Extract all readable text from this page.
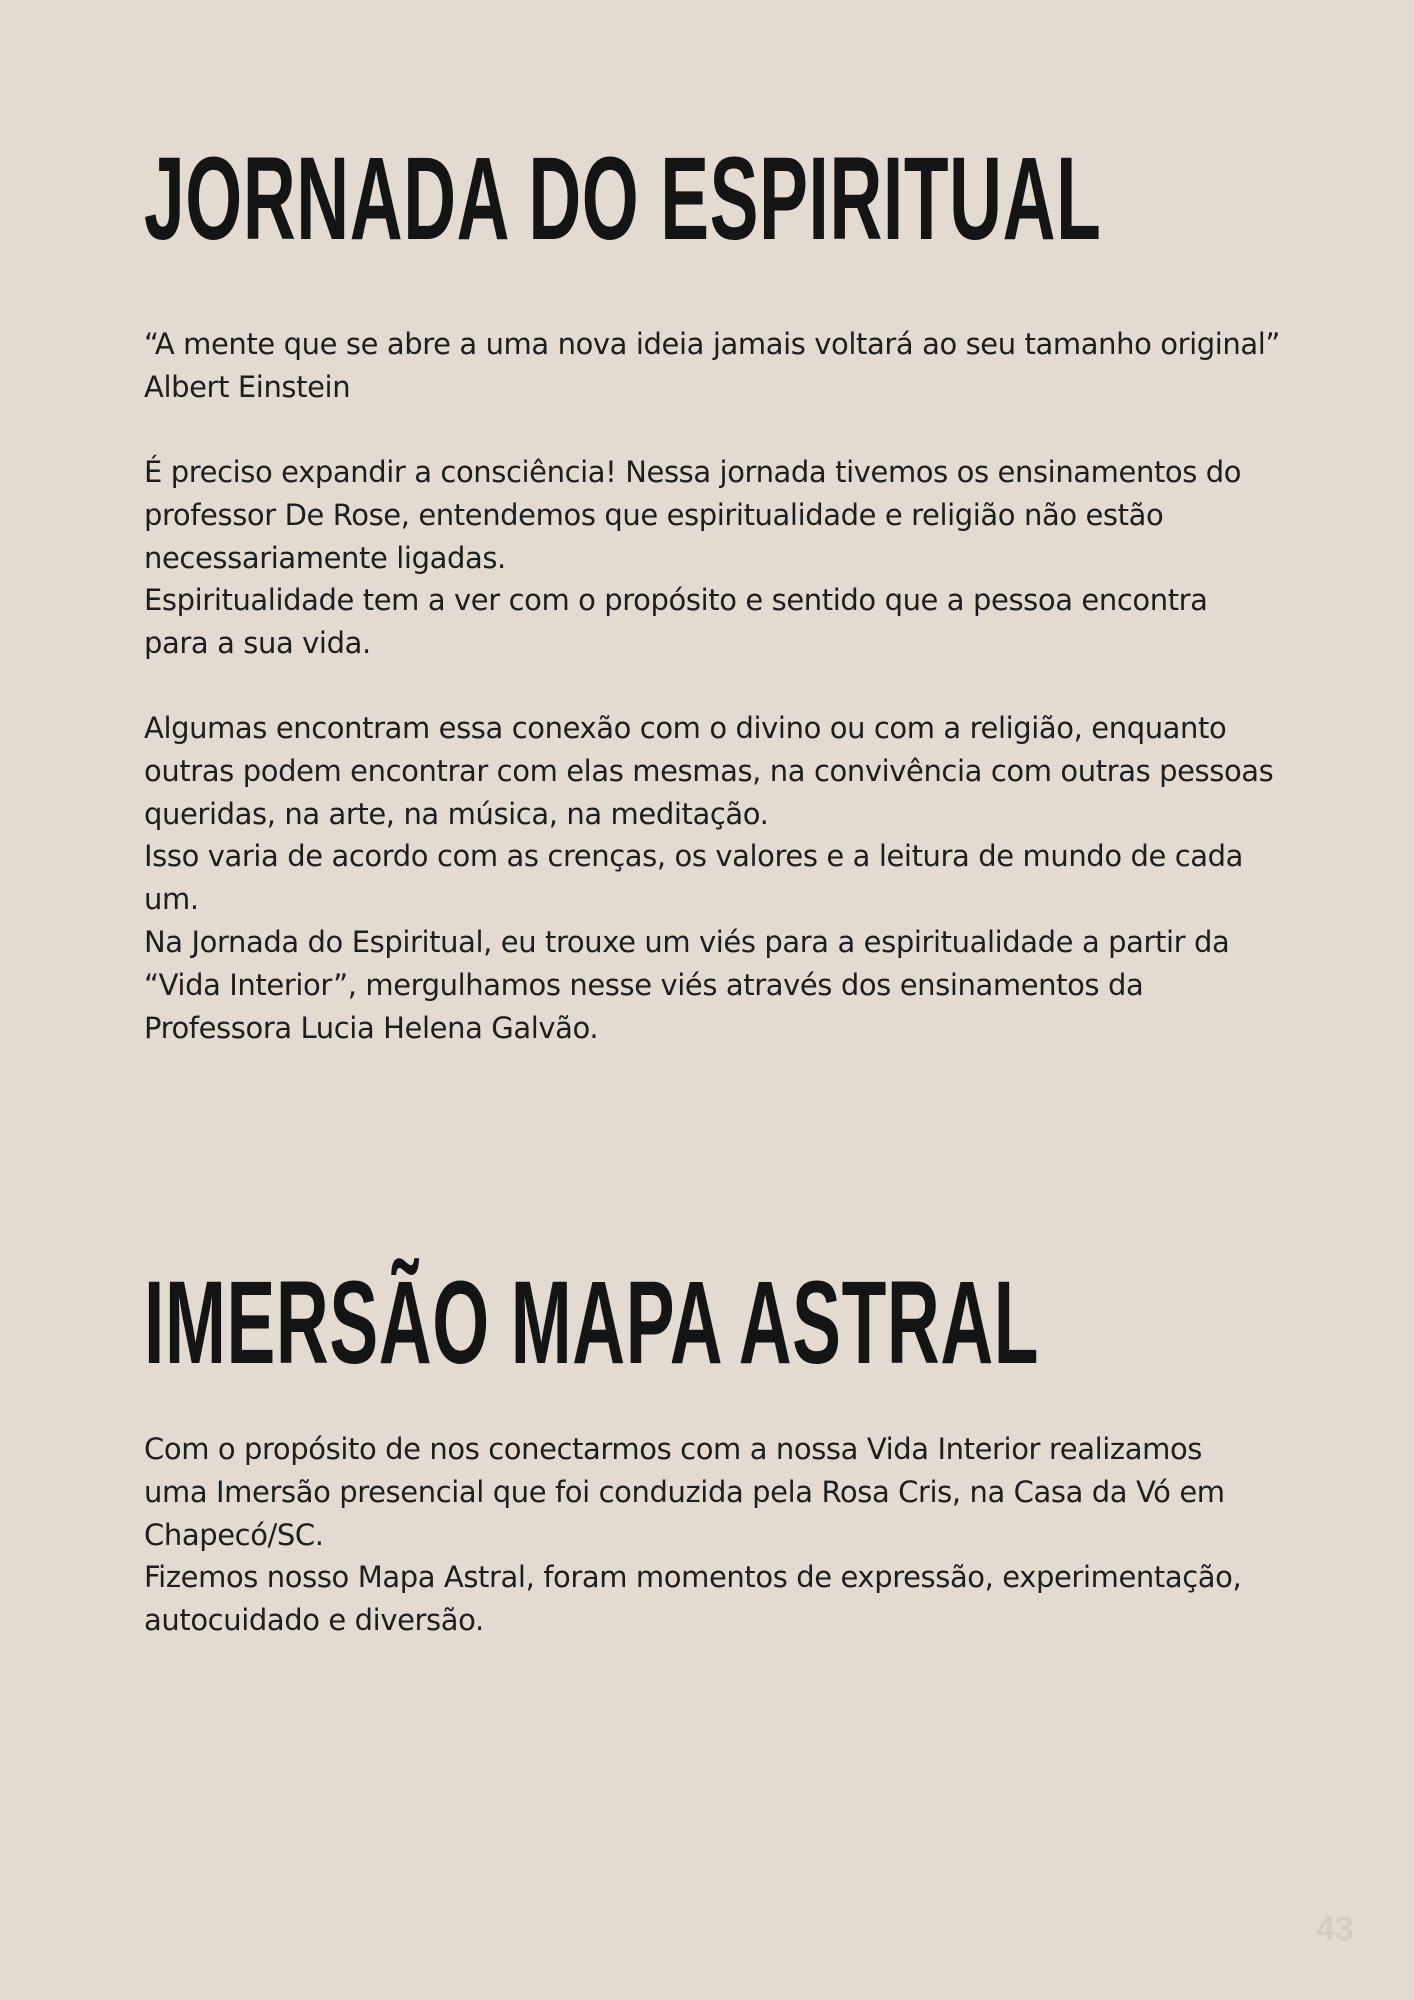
JORNADA DO ESPIRITUAL

“A mente que se abre a uma nova ideia jamais voltará ao seu tamanho original”
Albert Einstein

É preciso expandir a consciência! Nessa jornada tivemos os ensinamentos do
professor De Rose, entendemos que espiritualidade e religião não estão
necessariamente ligadas.
Espiritualidade tem a ver com o propósito e sentido que a pessoa encontra
para a sua vida.

Algumas encontram essa conexão com o divino ou com a religião, enquanto
outras podem encontrar com elas mesmas, na convivência com outras pessoas
queridas, na arte, na música, na meditação.
Isso varia de acordo com as crenças, os valores e a leitura de mundo de cada
um.
Na Jornada do Espiritual, eu trouxe um viés para a espiritualidade a partir da
“Vida Interior”, mergulhamos nesse viés através dos ensinamentos da
Professora Lucia Helena Galvão.

IMERSÃO MAPA ASTRAL

Com o propósito de nos conectarmos com a nossa Vida Interior realizamos
uma Imersão presencial que foi conduzida pela Rosa Cris, na Casa da Vó em
Chapecó/SC.
Fizemos nosso Mapa Astral, foram momentos de expressão, experimentação,
autocuidado e diversão.

43
